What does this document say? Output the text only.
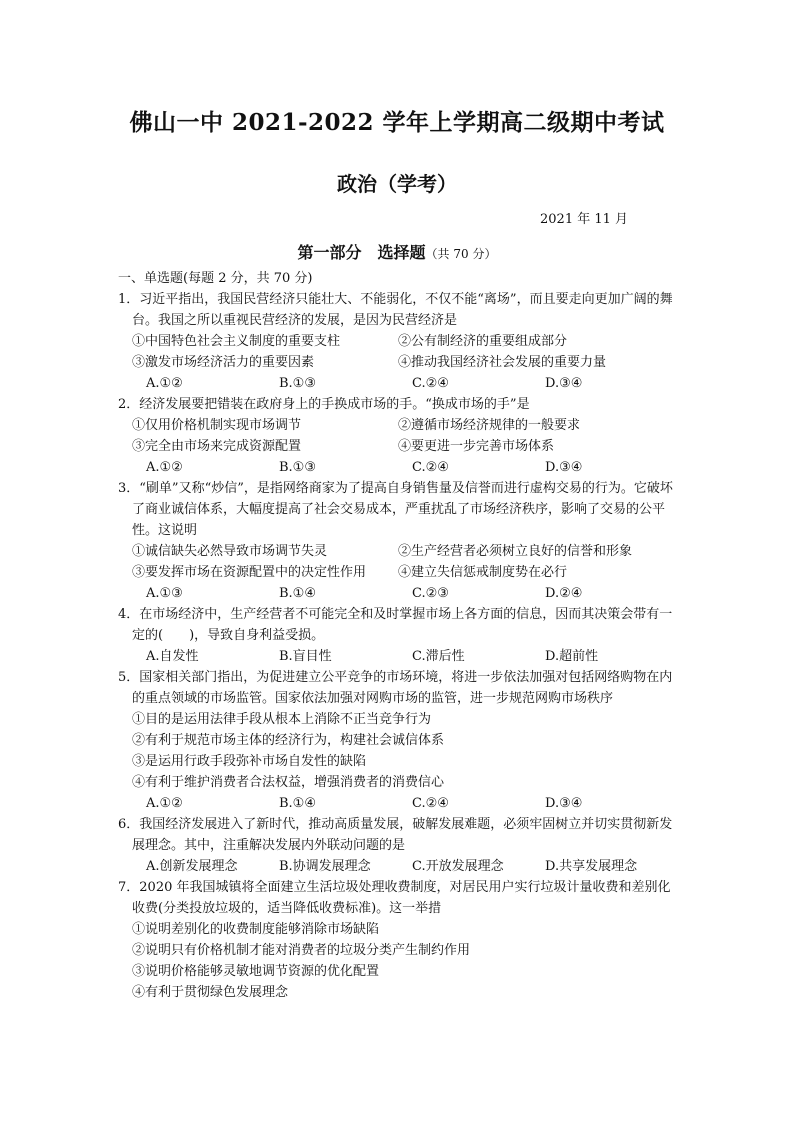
佛山一中 2021-2022 学年上学期高二级期中考试
政治（学考）
2021 年 11 月
第一部分　选择题（共 70 分）
一、单选题(每题 2 分，共 70 分)
1．习近平指出，我国民营经济只能壮大、不能弱化，不仅不能“离场”，而且要走向更加广阔的舞台。我国之所以重视民营经济的发展，是因为民营经济是
①中国特色社会主义制度的重要支柱	②公有制经济的重要组成部分
③激发市场经济活力的重要因素	④推动我国经济社会发展的重要力量
A.①②	B.①③	C.②④	D.③④
2．经济发展要把错装在政府身上的手换成市场的手。“换成市场的手”是
①仅用价格机制实现市场调节	②遵循市场经济规律的一般要求
③完全由市场来完成资源配置	④要更进一步完善市场体系
A.①②	B.①③	C.②④	D.③④
3．“刷单”又称“炒信”，是指网络商家为了提高自身销售量及信誉而进行虚构交易的行为。它破坏了商业诚信体系，大幅度提高了社会交易成本，严重扰乱了市场经济秩序，影响了交易的公平性。这说明
①诚信缺失必然导致市场调节失灵	②生产经营者必须树立良好的信誉和形象
③要发挥市场在资源配置中的决定性作用	④建立失信惩戒制度势在必行
A.①③	B.①④	C.②③	D.②④
4．在市场经济中，生产经营者不可能完全和及时掌握市场上各方面的信息，因而其决策会带有一定的(　　)，导致自身利益受损。
A.自发性	B.盲目性	C.滞后性	D.超前性
5．国家相关部门指出，为促进建立公平竞争的市场环境，将进一步依法加强对包括网络购物在内的重点领域的市场监管。国家依法加强对网购市场的监管，进一步规范网购市场秩序
①目的是运用法律手段从根本上消除不正当竞争行为
②有利于规范市场主体的经济行为，构建社会诚信体系
③是运用行政手段弥补市场自发性的缺陷
④有利于维护消费者合法权益，增强消费者的消费信心
A.①②	B.①④	C.②④	D.③④
6．我国经济发展进入了新时代，推动高质量发展，破解发展难题，必须牢固树立并切实贯彻新发展理念。其中，注重解决发展内外联动问题的是
A.创新发展理念	B.协调发展理念	C.开放发展理念	D.共享发展理念
7．2020 年我国城镇将全面建立生活垃圾处理收费制度，对居民用户实行垃圾计量收费和差别化收费(分类投放垃圾的，适当降低收费标准)。这一举措
①说明差别化的收费制度能够消除市场缺陷
②说明只有价格机制才能对消费者的垃圾分类产生制约作用
③说明价格能够灵敏地调节资源的优化配置
④有利于贯彻绿色发展理念
